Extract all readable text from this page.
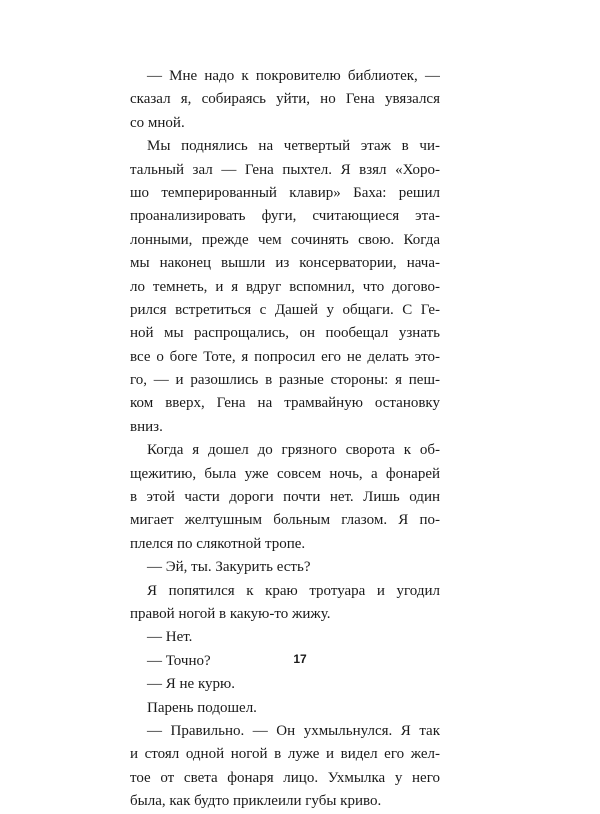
— Мне надо к покровителю библиотек, —
сказал я, собираясь уйти, но Гена увязался
со мной.
Мы поднялись на четвертый этаж в чи-
тальный зал — Гена пыхтел. Я взял «Хоро-
шо темперированный клавир» Баха: решил
проанализировать фуги, считающиеся эта-
лонными, прежде чем сочинять свою. Когда
мы наконец вышли из консерватории, нача-
ло темнеть, и я вдруг вспомнил, что догово-
рился встретиться с Дашей у общаги. С Ге-
ной мы распрощались, он пообещал узнать
все о боге Тоте, я попросил его не делать это-
го, — и разошлись в разные стороны: я пеш-
ком вверх, Гена на трамвайную остановку
вниз.
Когда я дошел до грязного сворота к об-
щежитию, была уже совсем ночь, а фонарей
в этой части дороги почти нет. Лишь один
мигает желтушным больным глазом. Я по-
плелся по слякотной тропе.
— Эй, ты. Закурить есть?
Я попятился к краю тротуара и угодил
правой ногой в какую-то жижу.
— Нет.
— Точно?
— Я не курю.
Парень подошел.
— Правильно. — Он ухмыльнулся. Я так
и стоял одной ногой в луже и видел его жел-
тое от света фонаря лицо. Ухмылка у него
была, как будто приклеили губы криво.
17
